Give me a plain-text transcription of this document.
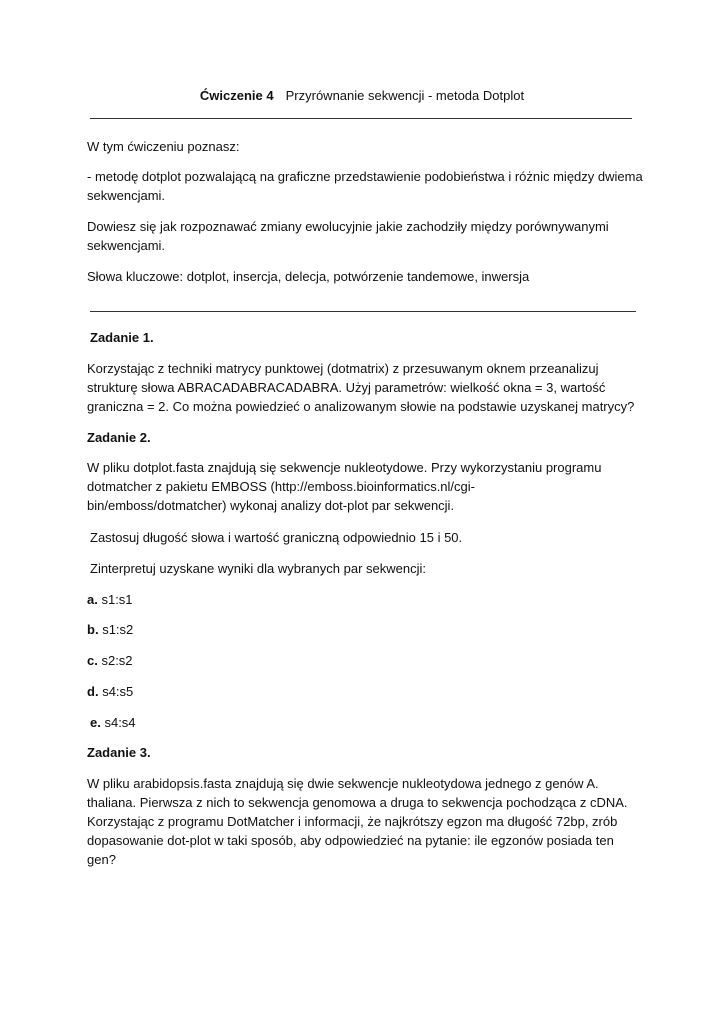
Ćwiczenie 4 Przyrównanie sekwencji - metoda Dotplot

W tym ćwiczeniu poznasz:

- metodę dotplot pozwalającą na graficzne przedstawienie podobieństwa i różnic między dwiema sekwencjami.

Dowiesz się jak rozpoznawać zmiany ewolucyjnie jakie zachodziły między porównywanymi sekwencjami.

Słowa kluczowe: dotplot, insercja, delecja, potwórzenie tandemowe, inwersja

Zadanie 1.

Korzystając z techniki matrycy punktowej (dotmatrix) z przesuwanym oknem przeanalizuj strukturę słowa ABRACADABRACADABRA. Użyj parametrów: wielkość okna = 3, wartość graniczna = 2. Co można powiedzieć o analizowanym słowie na podstawie uzyskanej matrycy?

Zadanie 2.

W pliku dotplot.fasta znajdują się sekwencje nukleotydowe. Przy wykorzystaniu programu dotmatcher z pakietu EMBOSS (http://emboss.bioinformatics.nl/cgi-bin/emboss/dotmatcher) wykonaj analizy dot-plot par sekwencji.

Zastosuj długość słowa i wartość graniczną odpowiednio 15 i 50.

Zinterpretuj uzyskane wyniki dla wybranych par sekwencji:

a. s1:s1

b. s1:s2

c. s2:s2

d. s4:s5

e. s4:s4

Zadanie 3.

W pliku arabidopsis.fasta znajdują się dwie sekwencje nukleotydowa jednego z genów A. thaliana. Pierwsza z nich to sekwencja genomowa a druga to sekwencja pochodząca z cDNA. Korzystając z programu DotMatcher i informacji, że najkrótszy egzon ma długość 72bp, zrób dopasowanie dot-plot w taki sposób, aby odpowiedzieć na pytanie: ile egzonów posiada ten gen?
